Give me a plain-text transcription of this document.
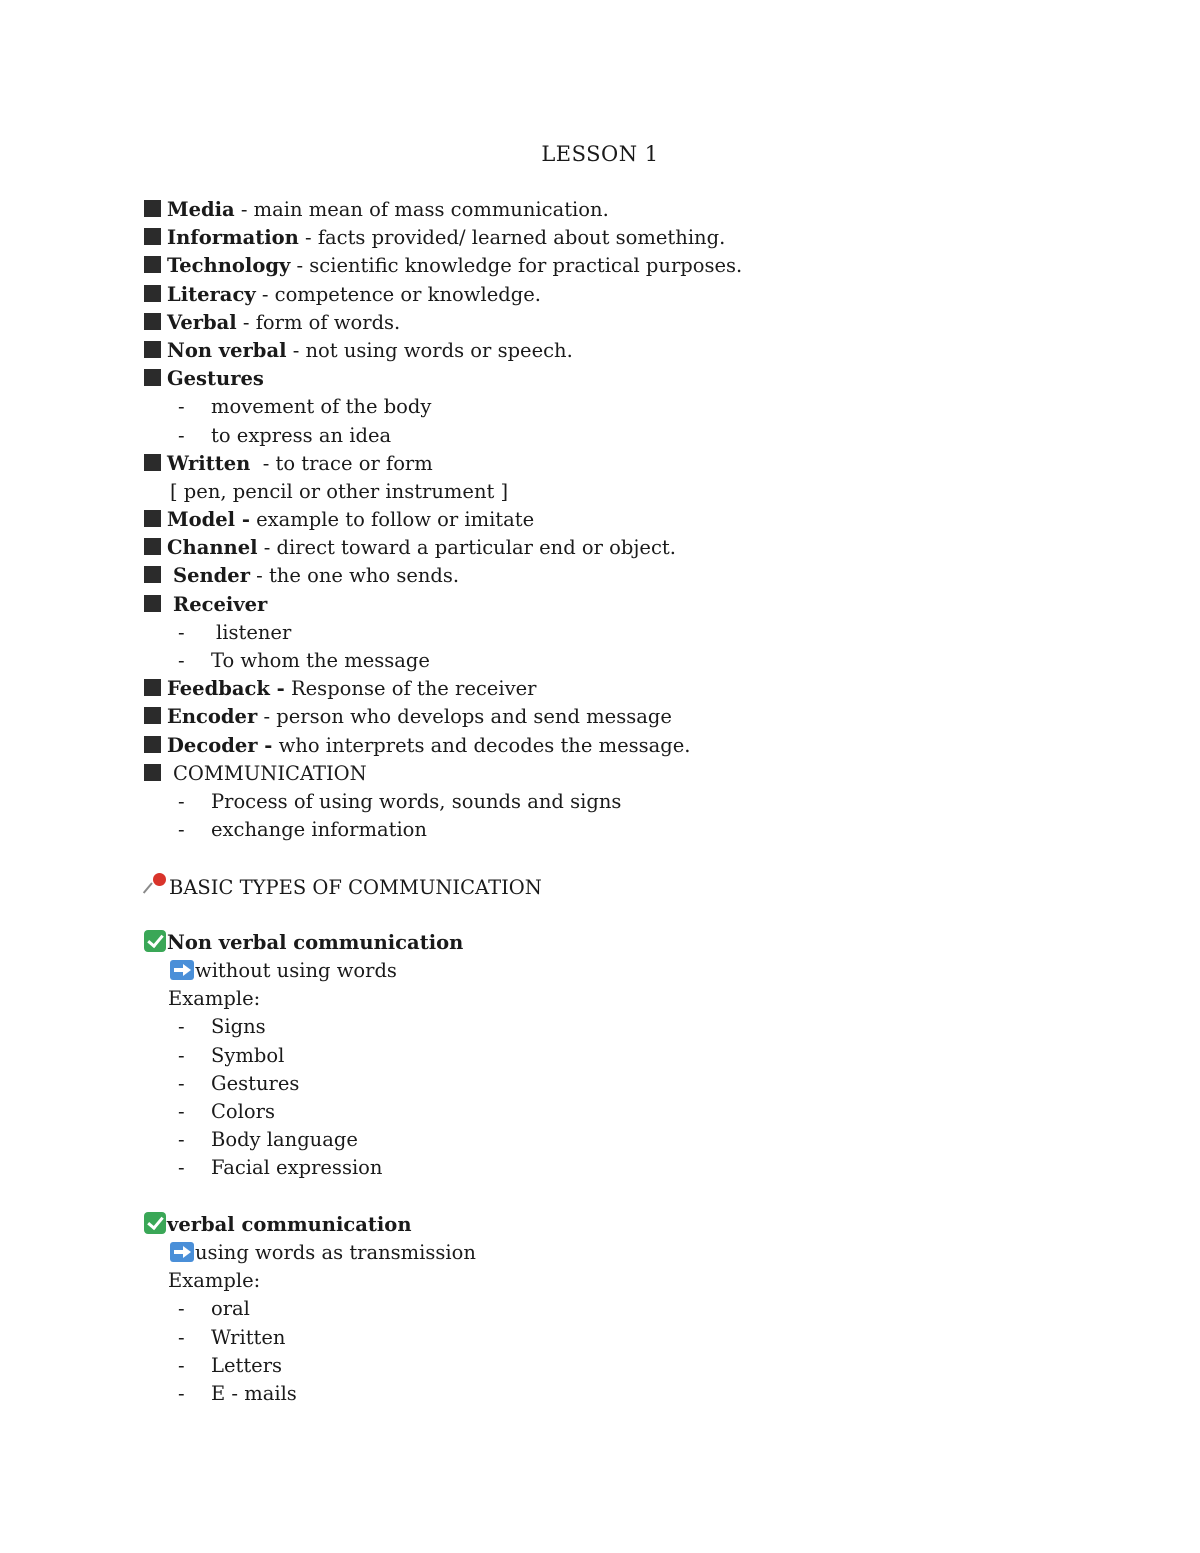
LESSON 1
Media - main mean of mass communication.
Information - facts provided/ learned about something.
Technology - scientific knowledge for practical purposes.
Literacy - competence or knowledge.
Verbal - form of words.
Non verbal - not using words or speech.
Gestures
- movement of the body
- to express an idea
Written  - to trace or form
[ pen, pencil or other instrument ]
Model - example to follow or imitate
Channel - direct toward a particular end or object.
Sender - the one who sends.
Receiver
- listener
- To whom the message
Feedback - Response of the receiver
Encoder - person who develops and send message
Decoder - who interprets and decodes the message.
COMMUNICATION
- Process of using words, sounds and signs
- exchange information
BASIC TYPES OF COMMUNICATION
Non verbal communication
without using words
Example:
- Signs
- Symbol
- Gestures
- Colors
- Body language
- Facial expression
verbal communication
using words as transmission
Example:
- oral
- Written
- Letters
- E - mails
